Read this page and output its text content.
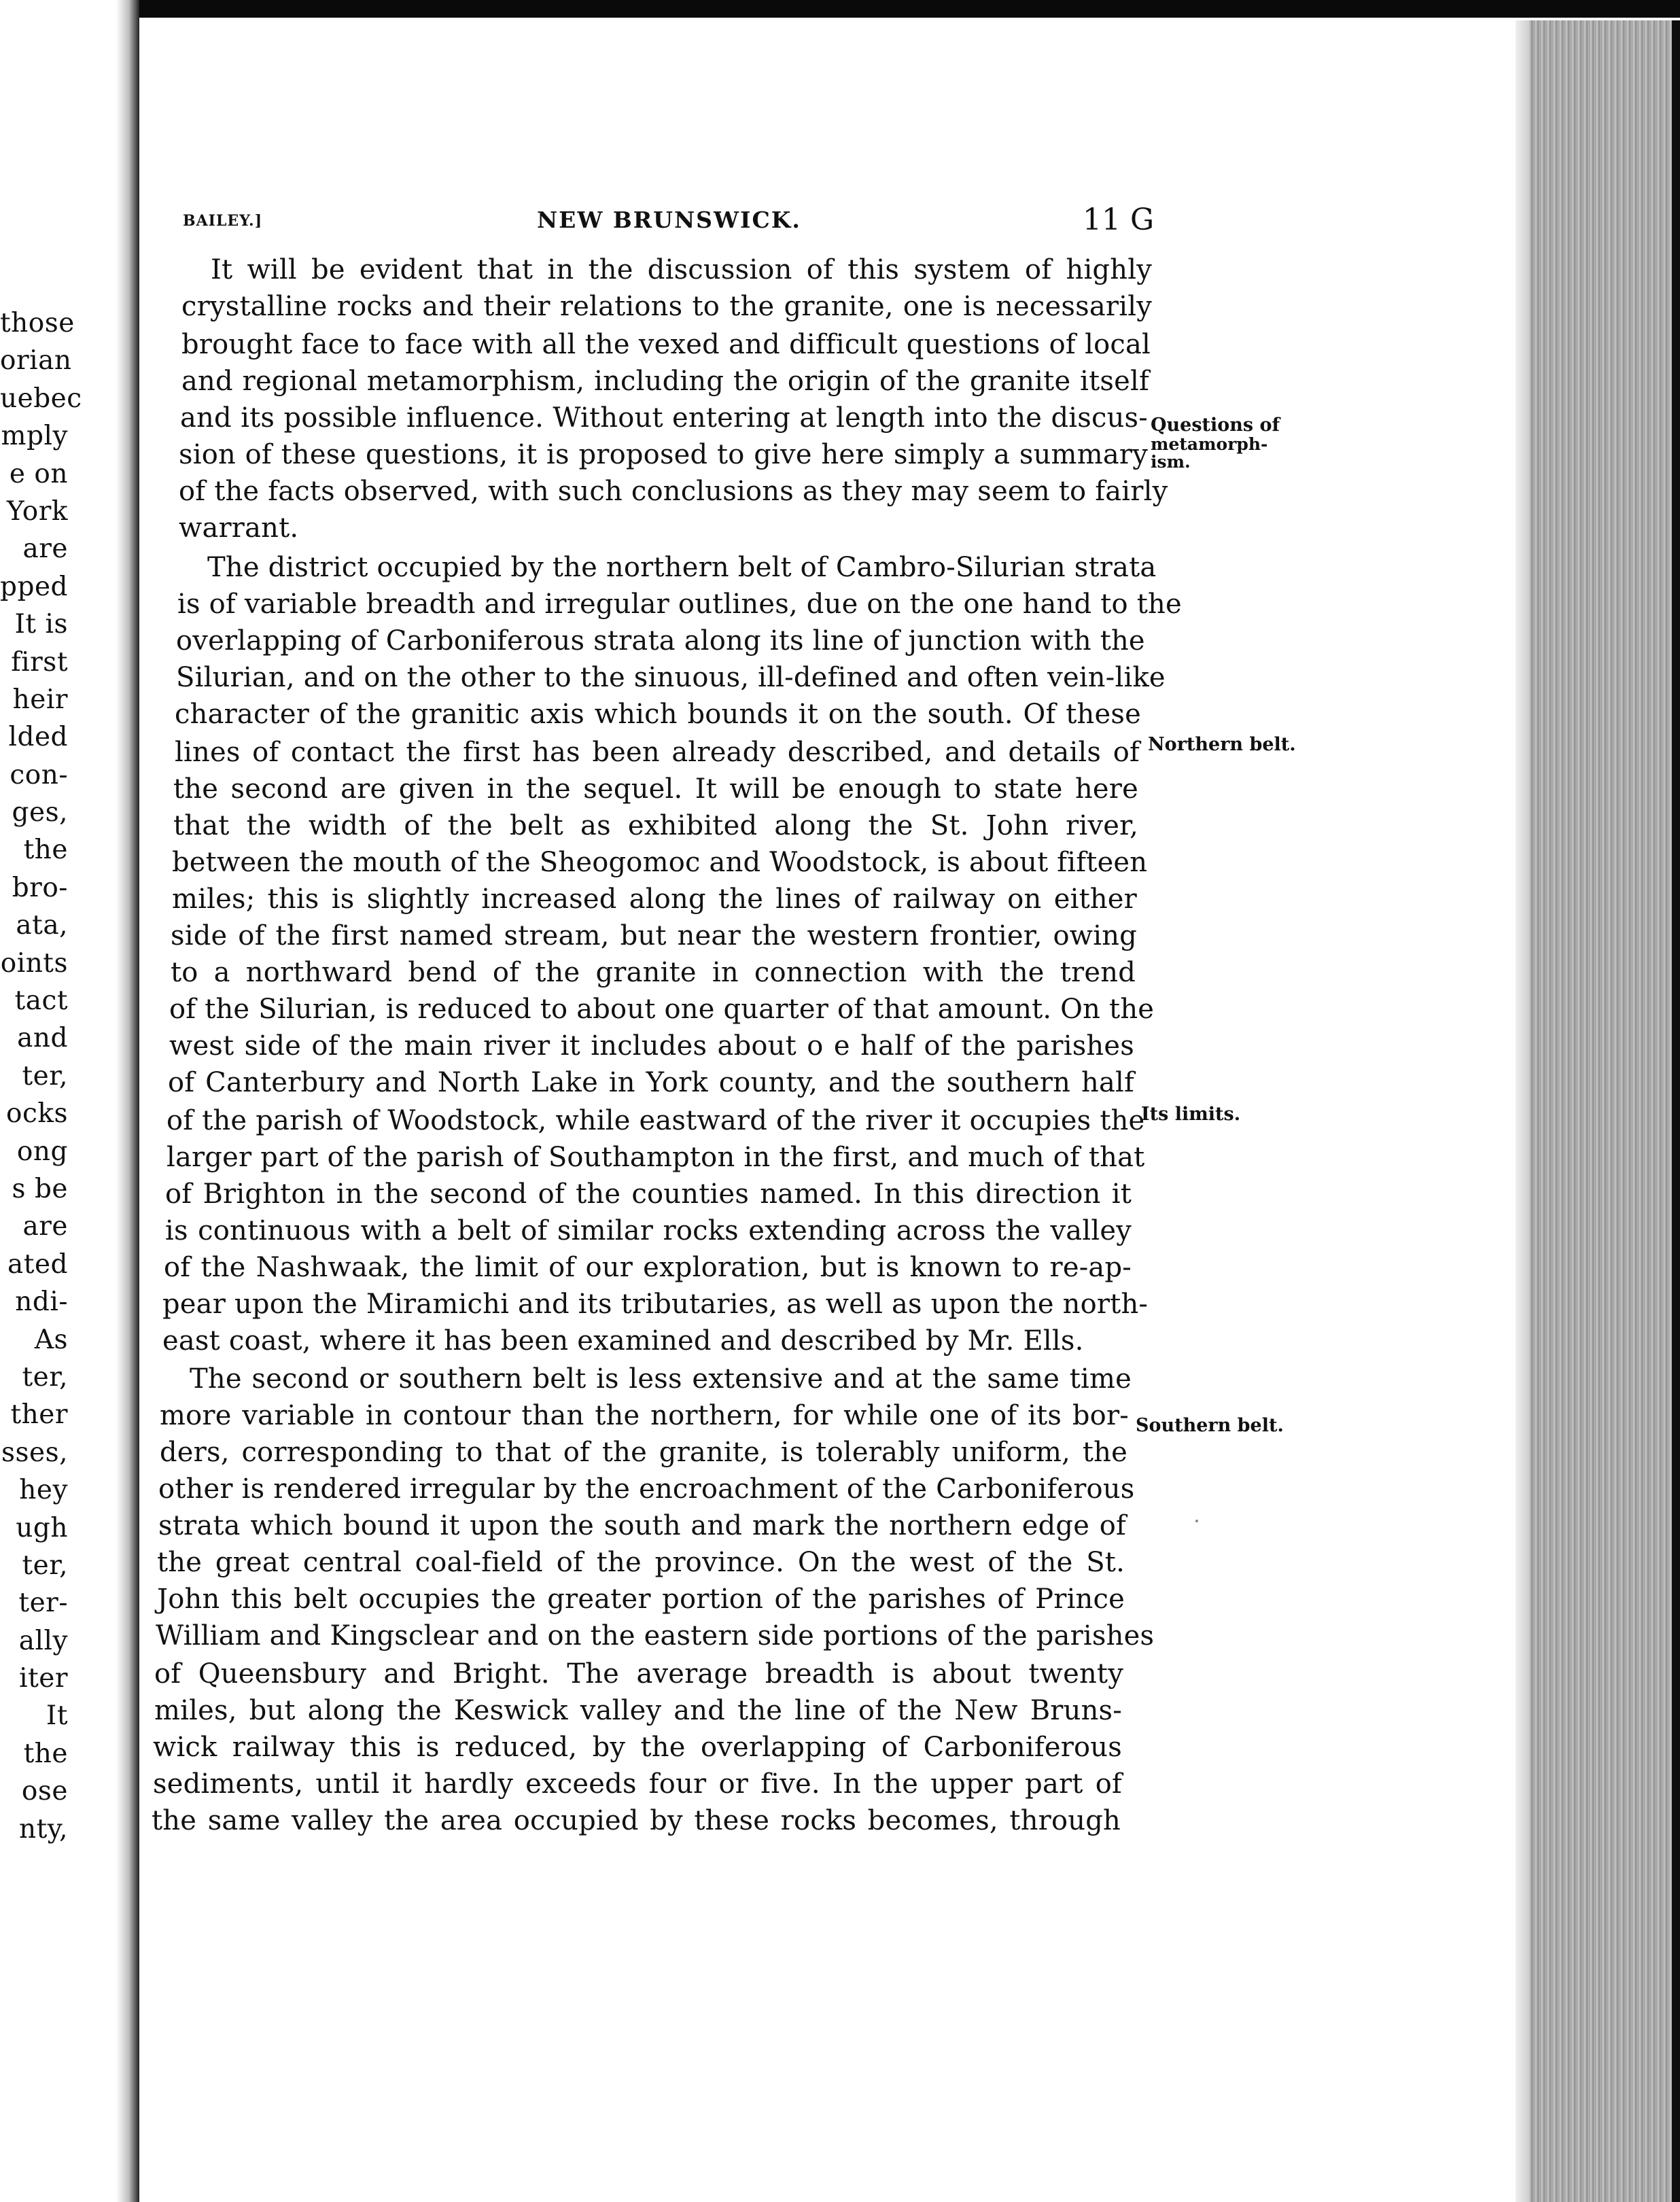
those
orian
uebec
mply
e on
York
are
pped
It is
first
heir
lded
con-
ges,
the
bro-
ata,
oints
tact
and
ter,
ocks
ong
s be
are
ated
ndi-
As
ter,
ther
sses,
hey
ugh
ter,
ter-
ally
iter
It
the
ose
nty,
BAILEY.]	NEW BRUNSWICK.	11 G
It will be evident that in the discussion of this system of highly
crystalline rocks and their relations to the granite, one is necessarily
brought face to face with all the vexed and difficult questions of local
and regional metamorphism, including the origin of the granite itself
and its possible influence. Without entering at length into the discus-
sion of these questions, it is proposed to give here simply a summary
of the facts observed, with such conclusions as they may seem to fairly
warrant.
The district occupied by the northern belt of Cambro-Silurian strata
is of variable breadth and irregular outlines, due on the one hand to the
overlapping of Carboniferous strata along its line of junction with the
Silurian, and on the other to the sinuous, ill-defined and often vein-like
character of the granitic axis which bounds it on the south. Of these
lines of contact the first has been already described, and details of
the second are given in the sequel. It will be enough to state here
that the width of the belt as exhibited along the St. John river,
between the mouth of the Sheogomoc and Woodstock, is about fifteen
miles; this is slightly increased along the lines of railway on either
side of the first named stream, but near the western frontier, owing
to a northward bend of the granite in connection with the trend
of the Silurian, is reduced to about one quarter of that amount. On the
west side of the main river it includes about o e half of the parishes
of Canterbury and North Lake in York county, and the southern half
of the parish of Woodstock, while eastward of the river it occupies the
larger part of the parish of Southampton in the first, and much of that
of Brighton in the second of the counties named. In this direction it
is continuous with a belt of similar rocks extending across the valley
of the Nashwaak, the limit of our exploration, but is known to re-ap-
pear upon the Miramichi and its tributaries, as well as upon the north-
east coast, where it has been examined and described by Mr. Ells.
The second or southern belt is less extensive and at the same time
more variable in contour than the northern, for while one of its bor-
ders, corresponding to that of the granite, is tolerably uniform, the
other is rendered irregular by the encroachment of the Carboniferous
strata which bound it upon the south and mark the northern edge of
the great central coal-field of the province. On the west of the St.
John this belt occupies the greater portion of the parishes of Prince
William and Kingsclear and on the eastern side portions of the parishes
of Queensbury and Bright. The average breadth is about twenty
miles, but along the Keswick valley and the line of the New Bruns-
wick railway this is reduced, by the overlapping of Carboniferous
sediments, until it hardly exceeds four or five. In the upper part of
the same valley the area occupied by these rocks becomes, through
Questions of
metamorph-
ism.
Northern belt.
Its limits.
Southern belt.
